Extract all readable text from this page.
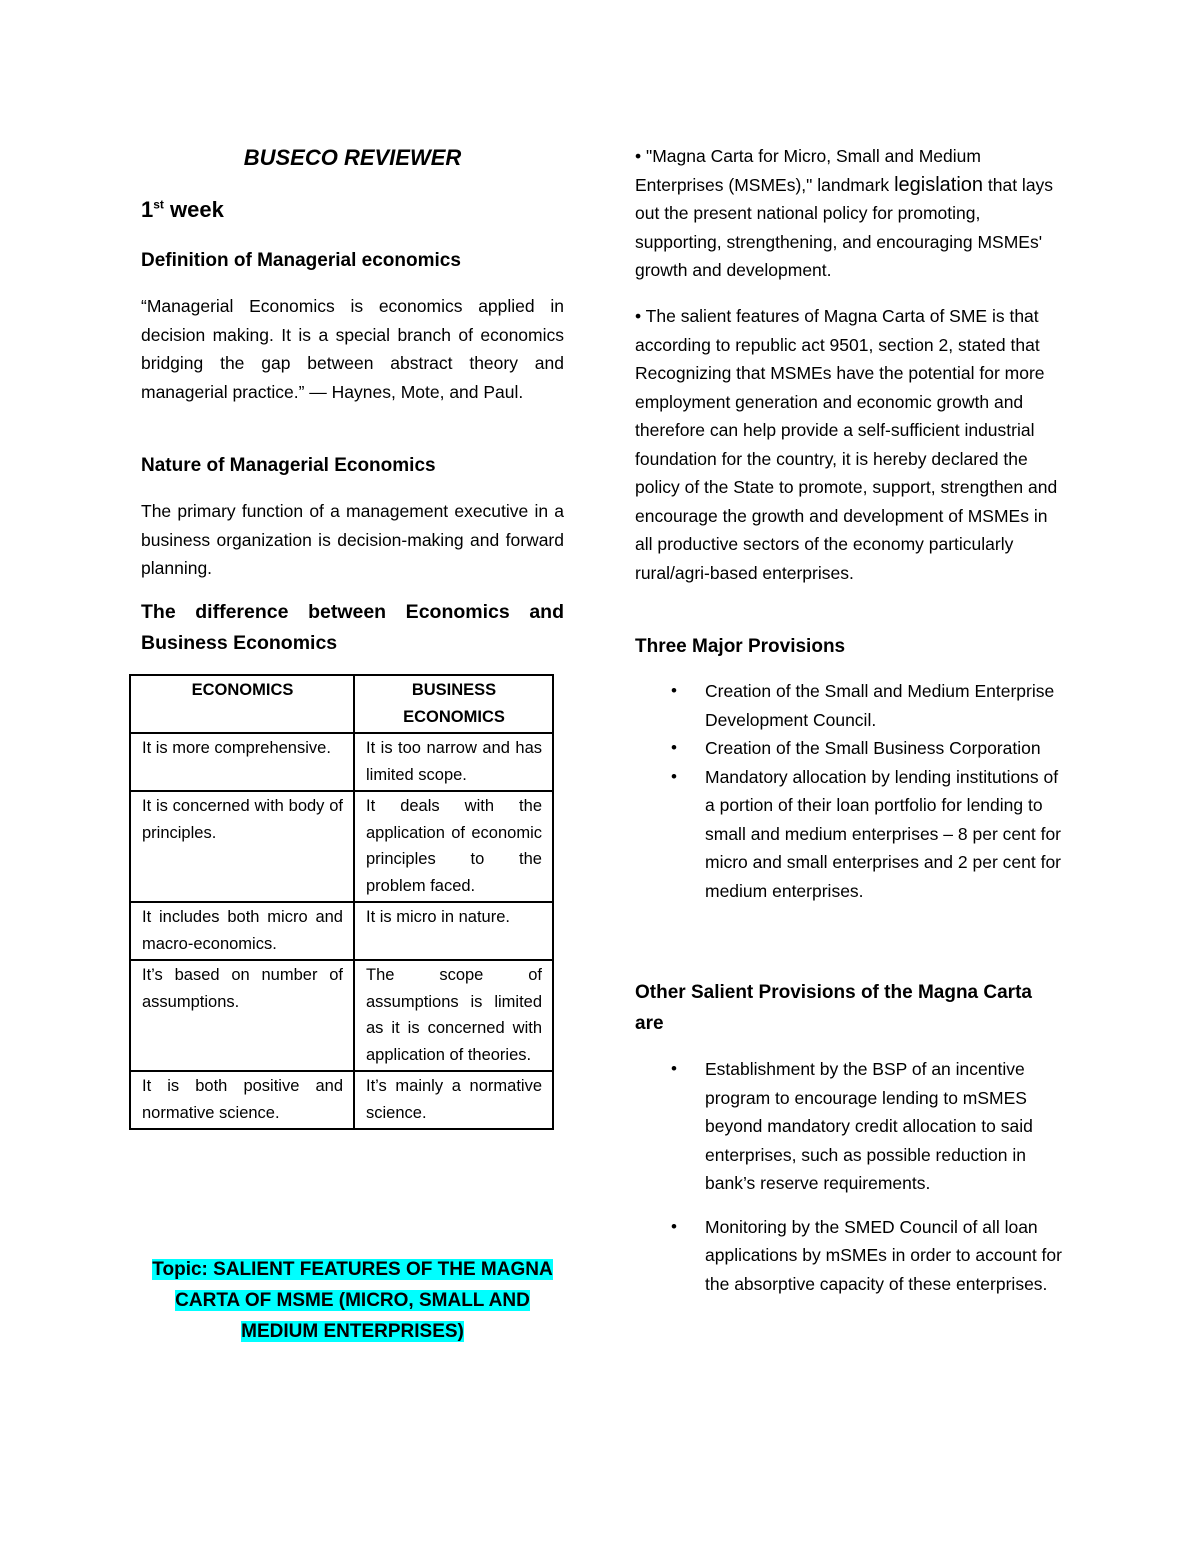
BUSECO REVIEWER
1st week
Definition of Managerial economics
“Managerial Economics is economics applied in decision making. It is a special branch of economics bridging the gap between abstract theory and managerial practice.” — Haynes, Mote, and Paul.
Nature of Managerial Economics
The primary function of a management executive in a business organization is decision-making and forward planning.
The difference between Economics and Business Economics
ECONOMICS	BUSINESS ECONOMICS
It is more comprehensive.	It is too narrow and has limited scope.
It is concerned with body of principles.	It deals with the application of economic principles to the problem faced.
It includes both micro and macro-economics.	It is micro in nature.
It’s based on number of assumptions.	The scope of assumptions is limited as it is concerned with application of theories.
It is both positive and normative science.	It’s mainly a normative science.
Topic: SALIENT FEATURES OF THE MAGNA CARTA OF MSME (MICRO, SMALL AND MEDIUM ENTERPRISES)
• "Magna Carta for Micro, Small and Medium Enterprises (MSMEs)," landmark legislation that lays out the present national policy for promoting, supporting, strengthening, and encouraging MSMEs' growth and development.
• The salient features of Magna Carta of SME is that according to republic act 9501, section 2, stated that Recognizing that MSMEs have the potential for more employment generation and economic growth and therefore can help provide a self-sufficient industrial foundation for the country, it is hereby declared the policy of the State to promote, support, strengthen and encourage the growth and development of MSMEs in all productive sectors of the economy particularly rural/agri-based enterprises.
Three Major Provisions
• Creation of the Small and Medium Enterprise Development Council.
• Creation of the Small Business Corporation
• Mandatory allocation by lending institutions of a portion of their loan portfolio for lending to small and medium enterprises – 8 per cent for micro and small enterprises and 2 per cent for medium enterprises.
Other Salient Provisions of the Magna Carta are
• Establishment by the BSP of an incentive program to encourage lending to mSMES beyond mandatory credit allocation to said enterprises, such as possible reduction in bank’s reserve requirements.
• Monitoring by the SMED Council of all loan applications by mSMEs in order to account for the absorptive capacity of these enterprises.
